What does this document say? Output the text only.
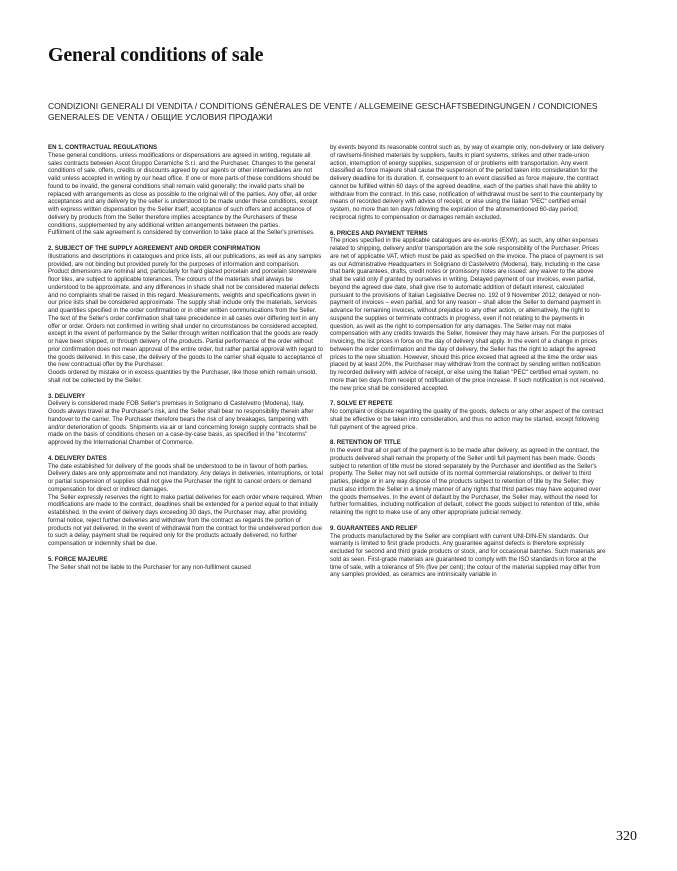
General conditions of sale

CONDIZIONI GENERALI DI VENDITA / CONDITIONS GÉNÉRALES DE VENTE / ALLGEMEINE GESCHÄFTSBEDINGUNGEN / CONDICIONES GENERALES DE VENTA / ОБЩИЕ УСЛОВИЯ ПРОДАЖИ

EN 1. CONTRACTUAL REGULATIONS

These general conditions, unless modifications or dispensations are agreed in writing, regulate all sales contracts between Ascot Gruppo Ceramiche S.r.l. and the Purchaser. Changes to the general conditions of sale, offers, credits or discounts agreed by our agents or other intermediaries are not valid unless accepted in writing by our head office. If one or more parts of these conditions should be found to be invalid, the general conditions shall remain valid generally; the invalid parts shall be replaced with arrangements as close as possible to the original will of the parties. Any offer, all order acceptances and any delivery by the seller is understood to be made under these conditions, except with express written dispensation by the Seller itself; acceptance of such offers and acceptance of delivery by products from the Seller therefore implies acceptance by the Purchasers of these conditions, supplemented by any additional written arrangements between the parties.

Fulfilment of the sale agreement is considered by convention to take place at the Seller's premises.

2. SUBJECT OF THE SUPPLY AGREEMENT AND ORDER CONFIRMATION

Illustrations and descriptions in catalogues and price lists, all our publications, as well as any samples provided, are not binding but provided purely for the purposes of information and comparison.

Product dimensions are nominal and, particularly for hard glazed porcelain and porcelain stoneware floor tiles, are subject to applicable tolerances. The colours of the materials shall always be understood to be approximate, and any differences in shade shall not be considered material defects and no complaints shall be raised in this regard. Measurements, weights and specifications given in our price lists shall be considered approximate. The supply shall include only the materials, services and quantities specified in the order confirmation or in other written communications from the Seller. The text of the Seller's order confirmation shall take precedence in all cases over differing text in any offer or order. Orders not confirmed in writing shall under no circumstances be considered accepted, except in the event of performance by the Seller through written notification that the goods are ready or have been shipped, or through delivery of the products. Partial performance of the order without prior confirmation does not mean approval of the entire order, but rather partial approval with regard to the goods delivered. In this case, the delivery of the goods to the carrier shall equate to acceptance of the new contractual offer by the Purchaser.

Goods ordered by mistake or in excess quantities by the Purchaser, like those which remain unsold, shall not be collected by the Seller.

3. DELIVERY

Delivery is considered made FOB Seller's premises in Solignano di Castelvetro (Modena), Italy. Goods always travel at the Purchaser's risk, and the Seller shall bear no responsibility therein after handover to the carrier. The Purchaser therefore bears the risk of any breakages, tampering with and/or deterioration of goods. Shipments via air or land concerning foreign supply contracts shall be made on the basis of conditions chosen on a case-by-case basis, as specified in the "Incoterms" approved by the International Chamber of Commerce.

4. DELIVERY DATES

The date established for delivery of the goods shall be understood to be in favour of both parties. Delivery dates are only approximate and not mandatory. Any delays in deliveries, interruptions, or total or partial suspension of supplies shall not give the Purchaser the right to cancel orders or demand compensation for direct or indirect damages.

The Seller expressly reserves the right to make partial deliveries for each order where required. When modifications are made to the contract, deadlines shall be extended for a period equal to that initially established. In the event of delivery days exceeding 30 days, the Purchaser may, after providing formal notice, reject further deliveries and withdraw from the contract as regards the portion of products not yet delivered. In the event of withdrawal from the contract for the undelivered portion due to such a delay, payment shall be required only for the products actually delivered; no further compensation or indemnity shall be due.

5. FORCE MAJEURE

The Seller shall not be liable to the Purchaser for any non-fulfilment caused

by events beyond its reasonable control such as, by way of example only, non-delivery or late delivery of raw/semi-finished materials by suppliers, faults in plant systems, strikes and other trade-union action, interruption of energy supplies, suspension of or problems with transportation. Any event classified as force majeure shall cause the suspension of the period taken into consideration for the delivery deadline for its duration. If, consequent to an event classified as force majeure, the contract cannot be fulfilled within 60 days of the agreed deadline, each of the parties shall have the ability to withdraw from the contract. In this case, notification of withdrawal must be sent to the counterparty by means of recorded delivery with advice of receipt, or else using the Italian "PEC" certified email system, no more than ten days following the expiration of the aforementioned 60-day period; reciprocal rights to compensation or damages remain excluded.

6. PRICES AND PAYMENT TERMS

The prices specified in the applicable catalogues are ex-works (EXW); as such, any other expenses related to shipping, delivery and/or transportation are the sole responsibility of the Purchaser. Prices are net of applicable VAT, which must be paid as specified on the invoice. The place of payment is set as our Administrative Headquarters in Solignano di Castelvetro (Modena), Italy, including in the case that bank guarantees, drafts, credit notes or promissory notes are issued: any waiver to the above shall be valid only if granted by ourselves in writing. Delayed payment of our invoices, even partial, beyond the agreed due date, shall give rise to automatic addition of default interest, calculated pursuant to the provisions of Italian Legislative Decree no. 192 of 9 November 2012; delayed or non-payment of invoices – even partial, and for any reason – shall allow the Seller to demand payment in advance for remaining invoices, without prejudice to any other action, or alternatively, the right to suspend the supplies or terminate contracts in progress, even if not relating to the payments in question, as well as the right to compensation for any damages. The Seller may not make compensation with any credits towards the Seller, however they may have arisen. For the purposes of invoicing, the list prices in force on the day of delivery shall apply. In the event of a change in prices between the order confirmation and the day of delivery, the Seller has the right to adapt the agreed prices to the new situation. However, should this price exceed that agreed at the time the order was placed by at least 20%, the Purchaser may withdraw from the contract by sending written notification by recorded delivery with advice of receipt, or else using the Italian "PEC" certified email system, no more than ten days from receipt of notification of the price increase. If such notification is not received, the new price shall be considered accepted.

7. SOLVE ET REPETE

No complaint or dispute regarding the quality of the goods, defects or any other aspect of the contract shall be effective or be taken into consideration, and thus no action may be started, except following full payment of the agreed price.

8. RETENTION OF TITLE

In the event that all or part of the payment is to be made after delivery, as agreed in the contract, the products delivered shall remain the property of the Seller until full payment has been made. Goods subject to retention of title must be stored separately by the Purchaser and identified as the Seller's property. The Seller may not sell outside of its normal commercial relationships, or deliver to third parties, pledge or in any way dispose of the products subject to retention of title by the Seller; they must also inform the Seller in a timely manner of any rights that third parties may have acquired over the goods themselves. In the event of default by the Purchaser, the Seller may, without the need for further formalities, including notification of default, collect the goods subject to retention of title, while retaining the right to make use of any other appropriate judicial remedy.

9. GUARANTEES AND RELIEF

The products manufactured by the Seller are compliant with current UNI-DIN-EN standards. Our warranty is limited to first grade products. Any guarantee against defects is therefore expressly excluded for second and third grade products or stock, and for occasional batches. Such materials are sold as seen. First-grade materials are guaranteed to comply with the ISO standards in force at the time of sale, with a tolerance of 5% (five per cent); the colour of the material supplied may differ from any samples provided, as ceramics are intrinsically variable in

320
